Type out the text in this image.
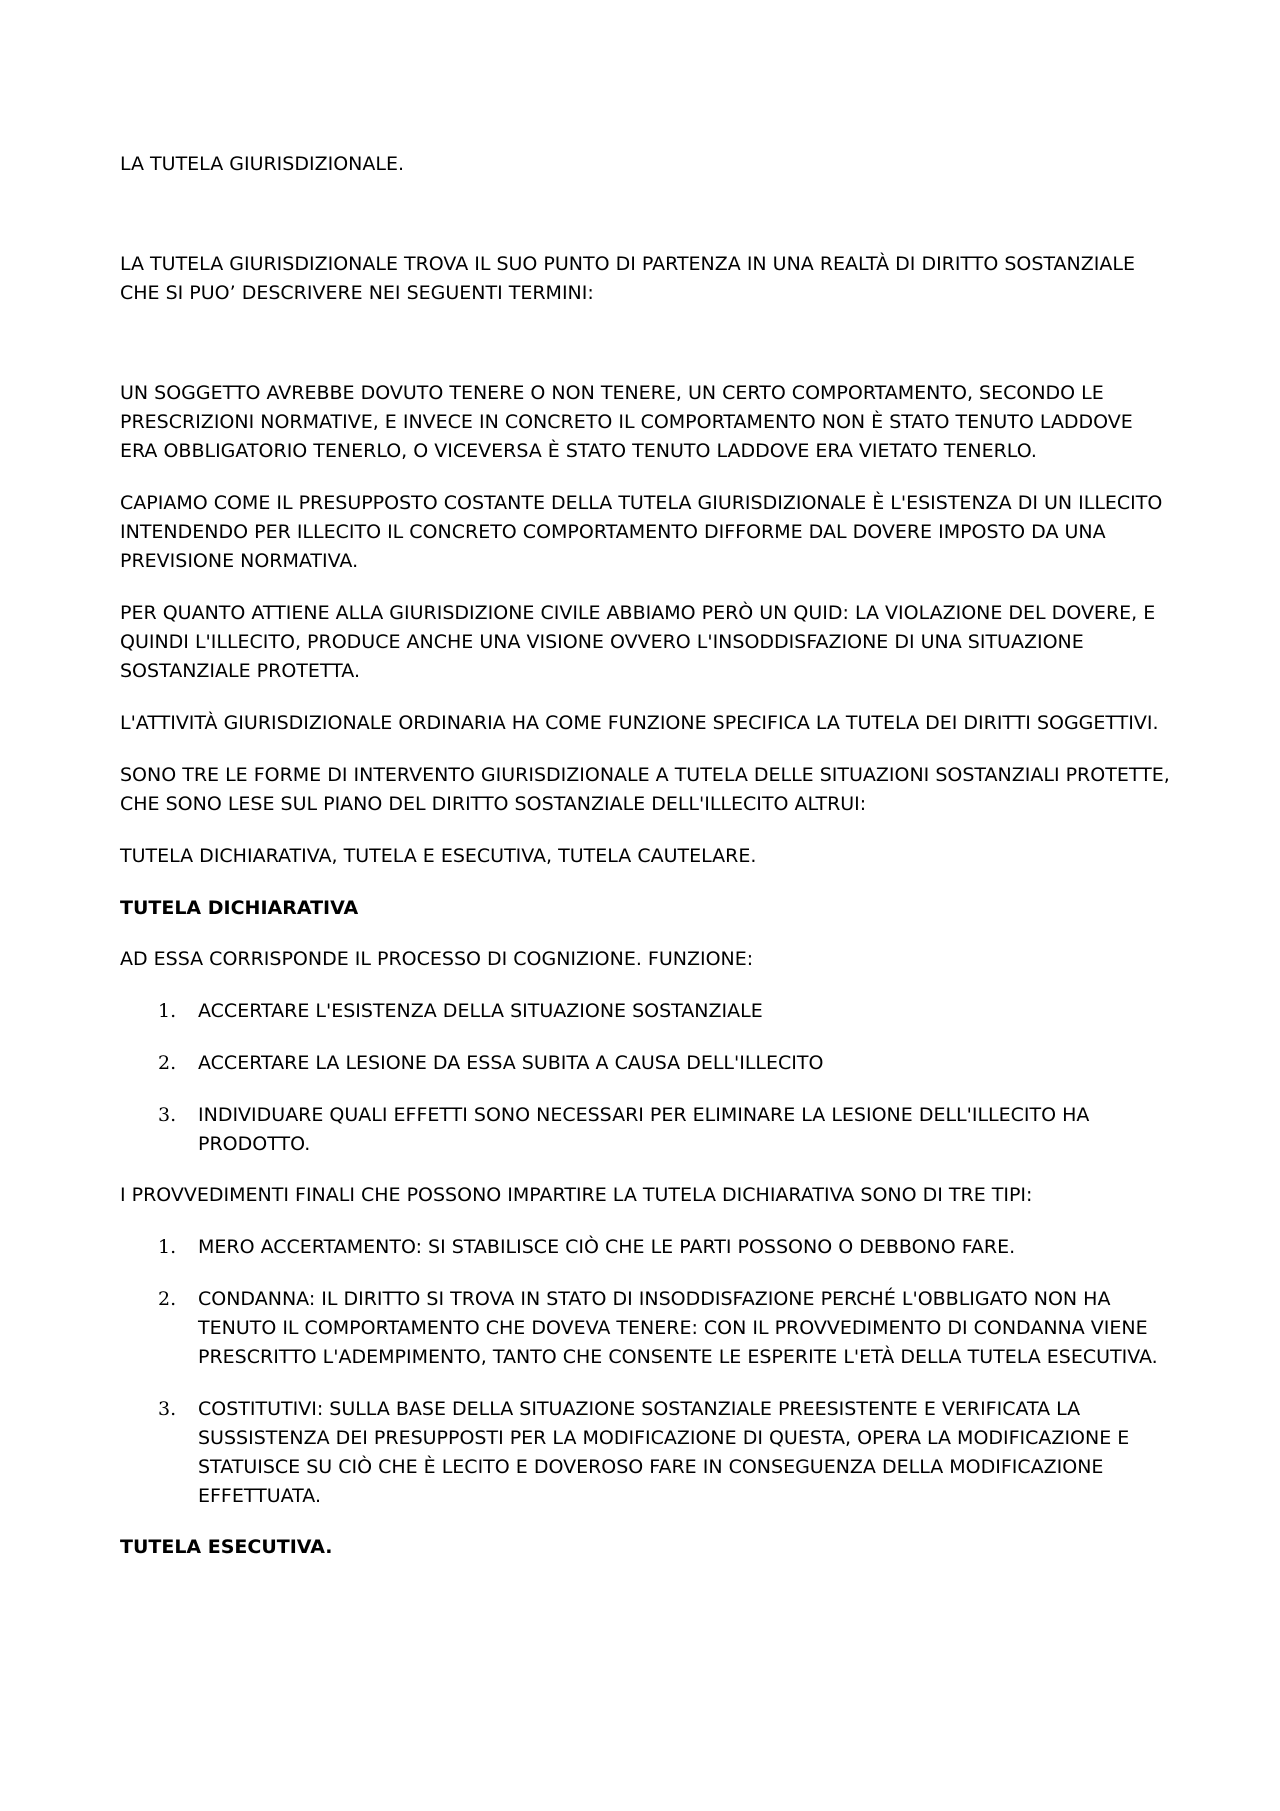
LA TUTELA GIURISDIZIONALE.

LA TUTELA GIURISDIZIONALE TROVA IL SUO PUNTO DI PARTENZA IN UNA REALTÀ DI DIRITTO SOSTANZIALE CHE SI PUO’ DESCRIVERE NEI SEGUENTI TERMINI:

UN SOGGETTO AVREBBE DOVUTO TENERE O NON TENERE, UN CERTO COMPORTAMENTO, SECONDO LE PRESCRIZIONI NORMATIVE, E INVECE IN CONCRETO IL COMPORTAMENTO NON È STATO TENUTO LADDOVE ERA OBBLIGATORIO TENERLO, O VICEVERSA È STATO TENUTO LADDOVE ERA VIETATO TENERLO.

CAPIAMO COME IL PRESUPPOSTO COSTANTE DELLA TUTELA GIURISDIZIONALE È L'ESISTENZA DI UN ILLECITO INTENDENDO PER ILLECITO IL CONCRETO COMPORTAMENTO DIFFORME DAL DOVERE IMPOSTO DA UNA PREVISIONE NORMATIVA.

PER QUANTO ATTIENE ALLA GIURISDIZIONE CIVILE ABBIAMO PERÒ UN QUID: LA VIOLAZIONE DEL DOVERE, E QUINDI L'ILLECITO, PRODUCE ANCHE UNA VISIONE OVVERO L'INSODDISFAZIONE DI UNA SITUAZIONE SOSTANZIALE PROTETTA.

L'ATTIVITÀ GIURISDIZIONALE ORDINARIA HA COME FUNZIONE SPECIFICA LA TUTELA DEI DIRITTI SOGGETTIVI.

SONO TRE LE FORME DI INTERVENTO GIURISDIZIONALE A TUTELA DELLE SITUAZIONI SOSTANZIALI PROTETTE, CHE SONO LESE SUL PIANO DEL DIRITTO SOSTANZIALE DELL'ILLECITO ALTRUI:

TUTELA DICHIARATIVA, TUTELA E ESECUTIVA, TUTELA CAUTELARE.

TUTELA DICHIARATIVA

AD ESSA CORRISPONDE IL PROCESSO DI COGNIZIONE. FUNZIONE:

1. ACCERTARE L'ESISTENZA DELLA SITUAZIONE SOSTANZIALE
2. ACCERTARE LA LESIONE DA ESSA SUBITA A CAUSA DELL'ILLECITO
3. INDIVIDUARE QUALI EFFETTI SONO NECESSARI PER ELIMINARE LA LESIONE DELL'ILLECITO HA PRODOTTO.

I PROVVEDIMENTI FINALI CHE POSSONO IMPARTIRE LA TUTELA DICHIARATIVA SONO DI TRE TIPI:

1. MERO ACCERTAMENTO: SI STABILISCE CIÒ CHE LE PARTI POSSONO O DEBBONO FARE.
2. CONDANNA: IL DIRITTO SI TROVA IN STATO DI INSODDISFAZIONE PERCHÉ L'OBBLIGATO NON HA TENUTO IL COMPORTAMENTO CHE DOVEVA TENERE: CON IL PROVVEDIMENTO DI CONDANNA VIENE PRESCRITTO L'ADEMPIMENTO, TANTO CHE CONSENTE LE ESPERITE L'ETÀ DELLA TUTELA ESECUTIVA.
3. COSTITUTIVI: SULLA BASE DELLA SITUAZIONE SOSTANZIALE PREESISTENTE E VERIFICATA LA SUSSISTENZA DEI PRESUPPOSTI PER LA MODIFICAZIONE DI QUESTA, OPERA LA MODIFICAZIONE E STATUISCE SU CIÒ CHE È LECITO E DOVEROSO FARE IN CONSEGUENZA DELLA MODIFICAZIONE EFFETTUATA.
TUTELA ESECUTIVA.
